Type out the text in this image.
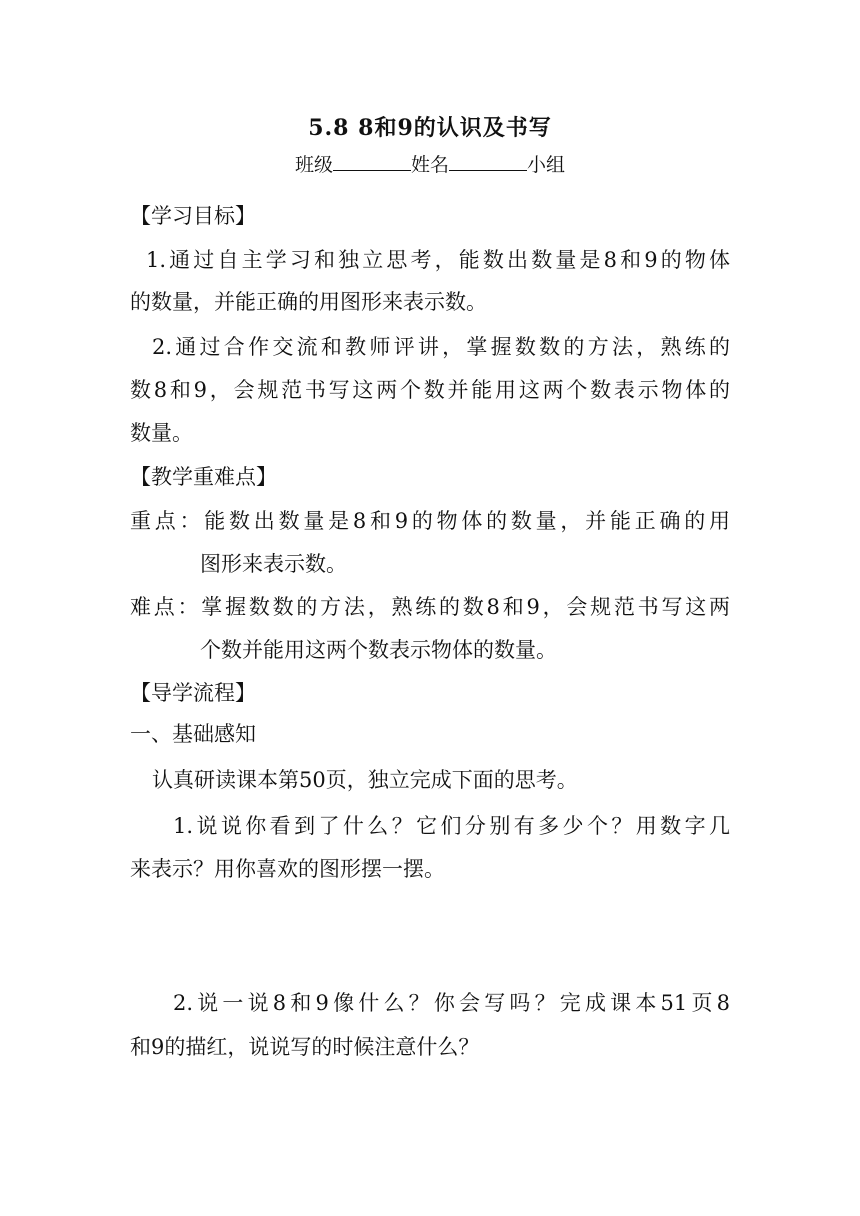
5.8 8和9的认识及书写
班级	姓名	小组
【学习目标】
1.通过自主学习和独立思考，能数出数量是8和9的物体
的数量，并能正确的用图形来表示数。
2.通过合作交流和教师评讲，掌握数数的方法，熟练的
数8和9，会规范书写这两个数并能用这两个数表示物体的
数量。
【教学重难点】
重点：能数出数量是8和9的物体的数量，并能正确的用
图形来表示数。
难点：掌握数数的方法，熟练的数8和9，会规范书写这两
个数并能用这两个数表示物体的数量。
【导学流程】
一、基础感知
认真研读课本第50页，独立完成下面的思考。
1.说说你看到了什么？它们分别有多少个？用数字几
来表示？用你喜欢的图形摆一摆。
2.说一说8和9像什么？你会写吗？完成课本51页8
和9的描红，说说写的时候注意什么？
